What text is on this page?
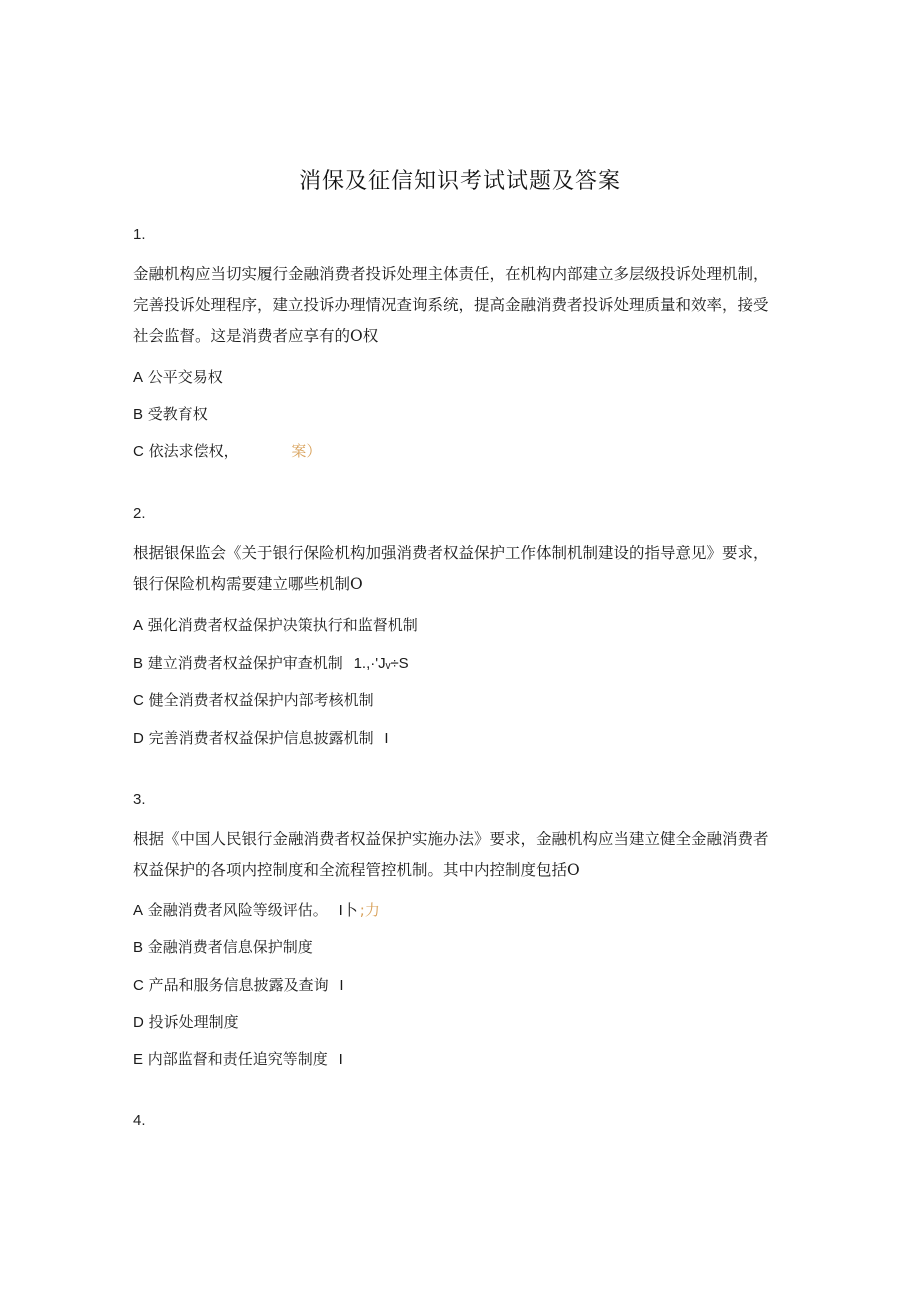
消保及征信知识考试试题及答案
1.
金融机构应当切实履行金融消费者投诉处理主体责任，在机构内部建立多层级投诉处理机制，完善投诉处理程序，建立投诉办理情况查询系统，提高金融消费者投诉处理质量和效率，接受社会监督。这是消费者应享有的O权
A 公平交易权
B 受教育权
C 依法求偿权，	案）
2.
根据银保监会《关于银行保险机构加强消费者权益保护工作体制机制建设的指导意见》要求，银行保险机构需要建立哪些机制O
A 强化消费者权益保护决策执行和监督机制
B 建立消费者权益保护审查机制 1.,·'Jᵥ÷S
C 健全消费者权益保护内部考核机制
D 完善消费者权益保护信息披露机制 I
3.
根据《中国人民银行金融消费者权益保护实施办法》要求，金融机构应当建立健全金融消费者权益保护的各项内控制度和全流程管控机制。其中内控制度包括O
A 金融消费者风险等级评估。 I卜 ;力
B 金融消费者信息保护制度
C 产品和服务信息披露及查询 I
D 投诉处理制度
E 内部监督和责任追究等制度 I
4.
